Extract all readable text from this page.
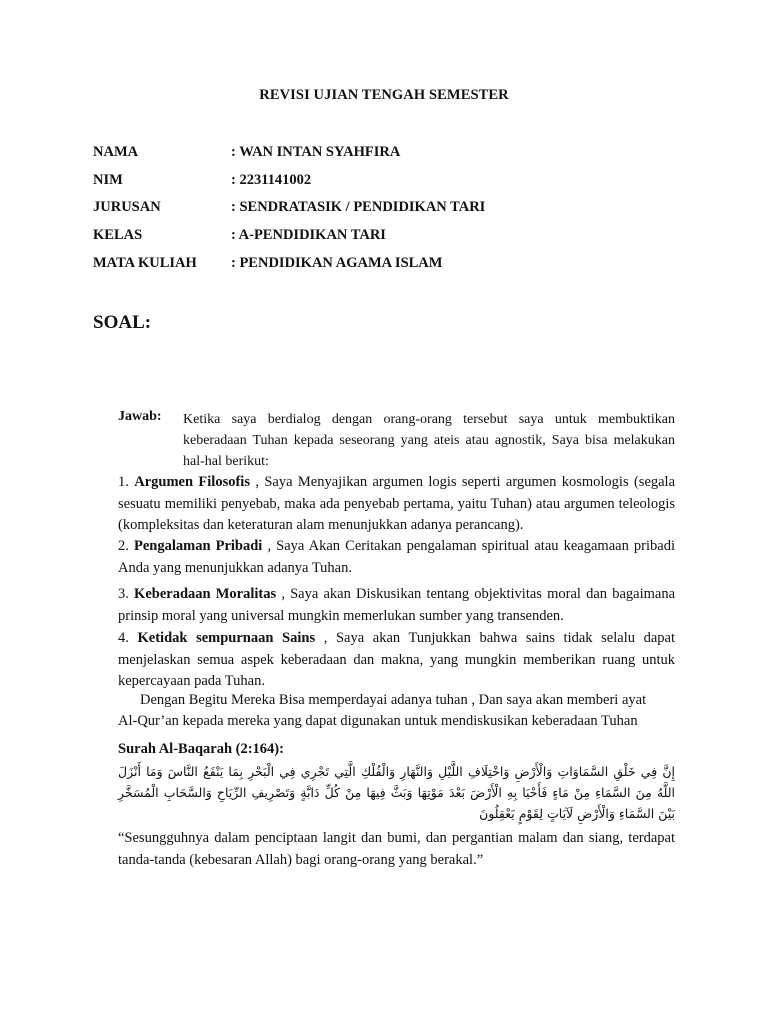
REVISI UJIAN TENGAH SEMESTER
NAMA	: WAN INTAN SYAHFIRA
NIM	: 2231141002
JURUSAN	: SENDRATASIK / PENDIDIKAN TARI
KELAS	: A-PENDIDIKAN TARI
MATA KULIAH : PENDIDIKAN AGAMA ISLAM
SOAL:
Jawab: Ketika saya berdialog dengan orang-orang tersebut saya untuk membuktikan keberadaan Tuhan kepada seseorang yang ateis atau agnostik, Saya bisa melakukan hal-hal berikut:
1. Argumen Filosofis , Saya Menyajikan argumen logis seperti argumen kosmologis (segala sesuatu memiliki penyebab, maka ada penyebab pertama, yaitu Tuhan) atau argumen teleologis (kompleksitas dan keteraturan alam menunjukkan adanya perancang).
2. Pengalaman Pribadi , Saya Akan Ceritakan pengalaman spiritual atau keagamaan pribadi Anda yang menunjukkan adanya Tuhan.
3. Keberadaan Moralitas , Saya akan Diskusikan tentang objektivitas moral dan bagaimana prinsip moral yang universal mungkin memerlukan sumber yang transenden.
4. Ketidak sempurnaan Sains , Saya akan Tunjukkan bahwa sains tidak selalu dapat menjelaskan semua aspek keberadaan dan makna, yang mungkin memberikan ruang untuk kepercayaan pada Tuhan.
Dengan Begitu Mereka Bisa memperdayai adanya tuhan , Dan saya akan memberi ayat
Al-Qur’an kepada mereka yang dapat digunakan untuk mendiskusikan keberadaan Tuhan
Surah Al-Baqarah (2:164):
إِنَّ فِي خَلْقِ السَّمَاوَاتِ وَالْأَرْضِ وَاخْتِلَافِ اللَّيْلِ وَالنَّهَارِ وَالْفُلْكِ الَّتِي تَجْرِي فِي الْبَحْرِ بِمَا يَنْفَعُ النَّاسَ وَمَا أَنْزَلَ اللَّهُ مِنَ السَّمَاءِ مِنْ مَاءٍ فَأَحْيَا بِهِ الْأَرْضَ بَعْدَ مَوْتِهَا وَبَثَّ فِيهَا مِنْ كُلِّ دَابَّةٍ وَتَصْرِيفِ الرِّيَاحِ وَالسَّحَابِ الْمُسَخَّرِ بَيْنَ السَّمَاءِ وَالْأَرْضِ لَآيَاتٍ لِقَوْمٍ يَعْقِلُونَ
“Sesungguhnya dalam penciptaan langit dan bumi, dan pergantian malam dan siang, terdapat tanda-tanda (kebesaran Allah) bagi orang-orang yang berakal.”
